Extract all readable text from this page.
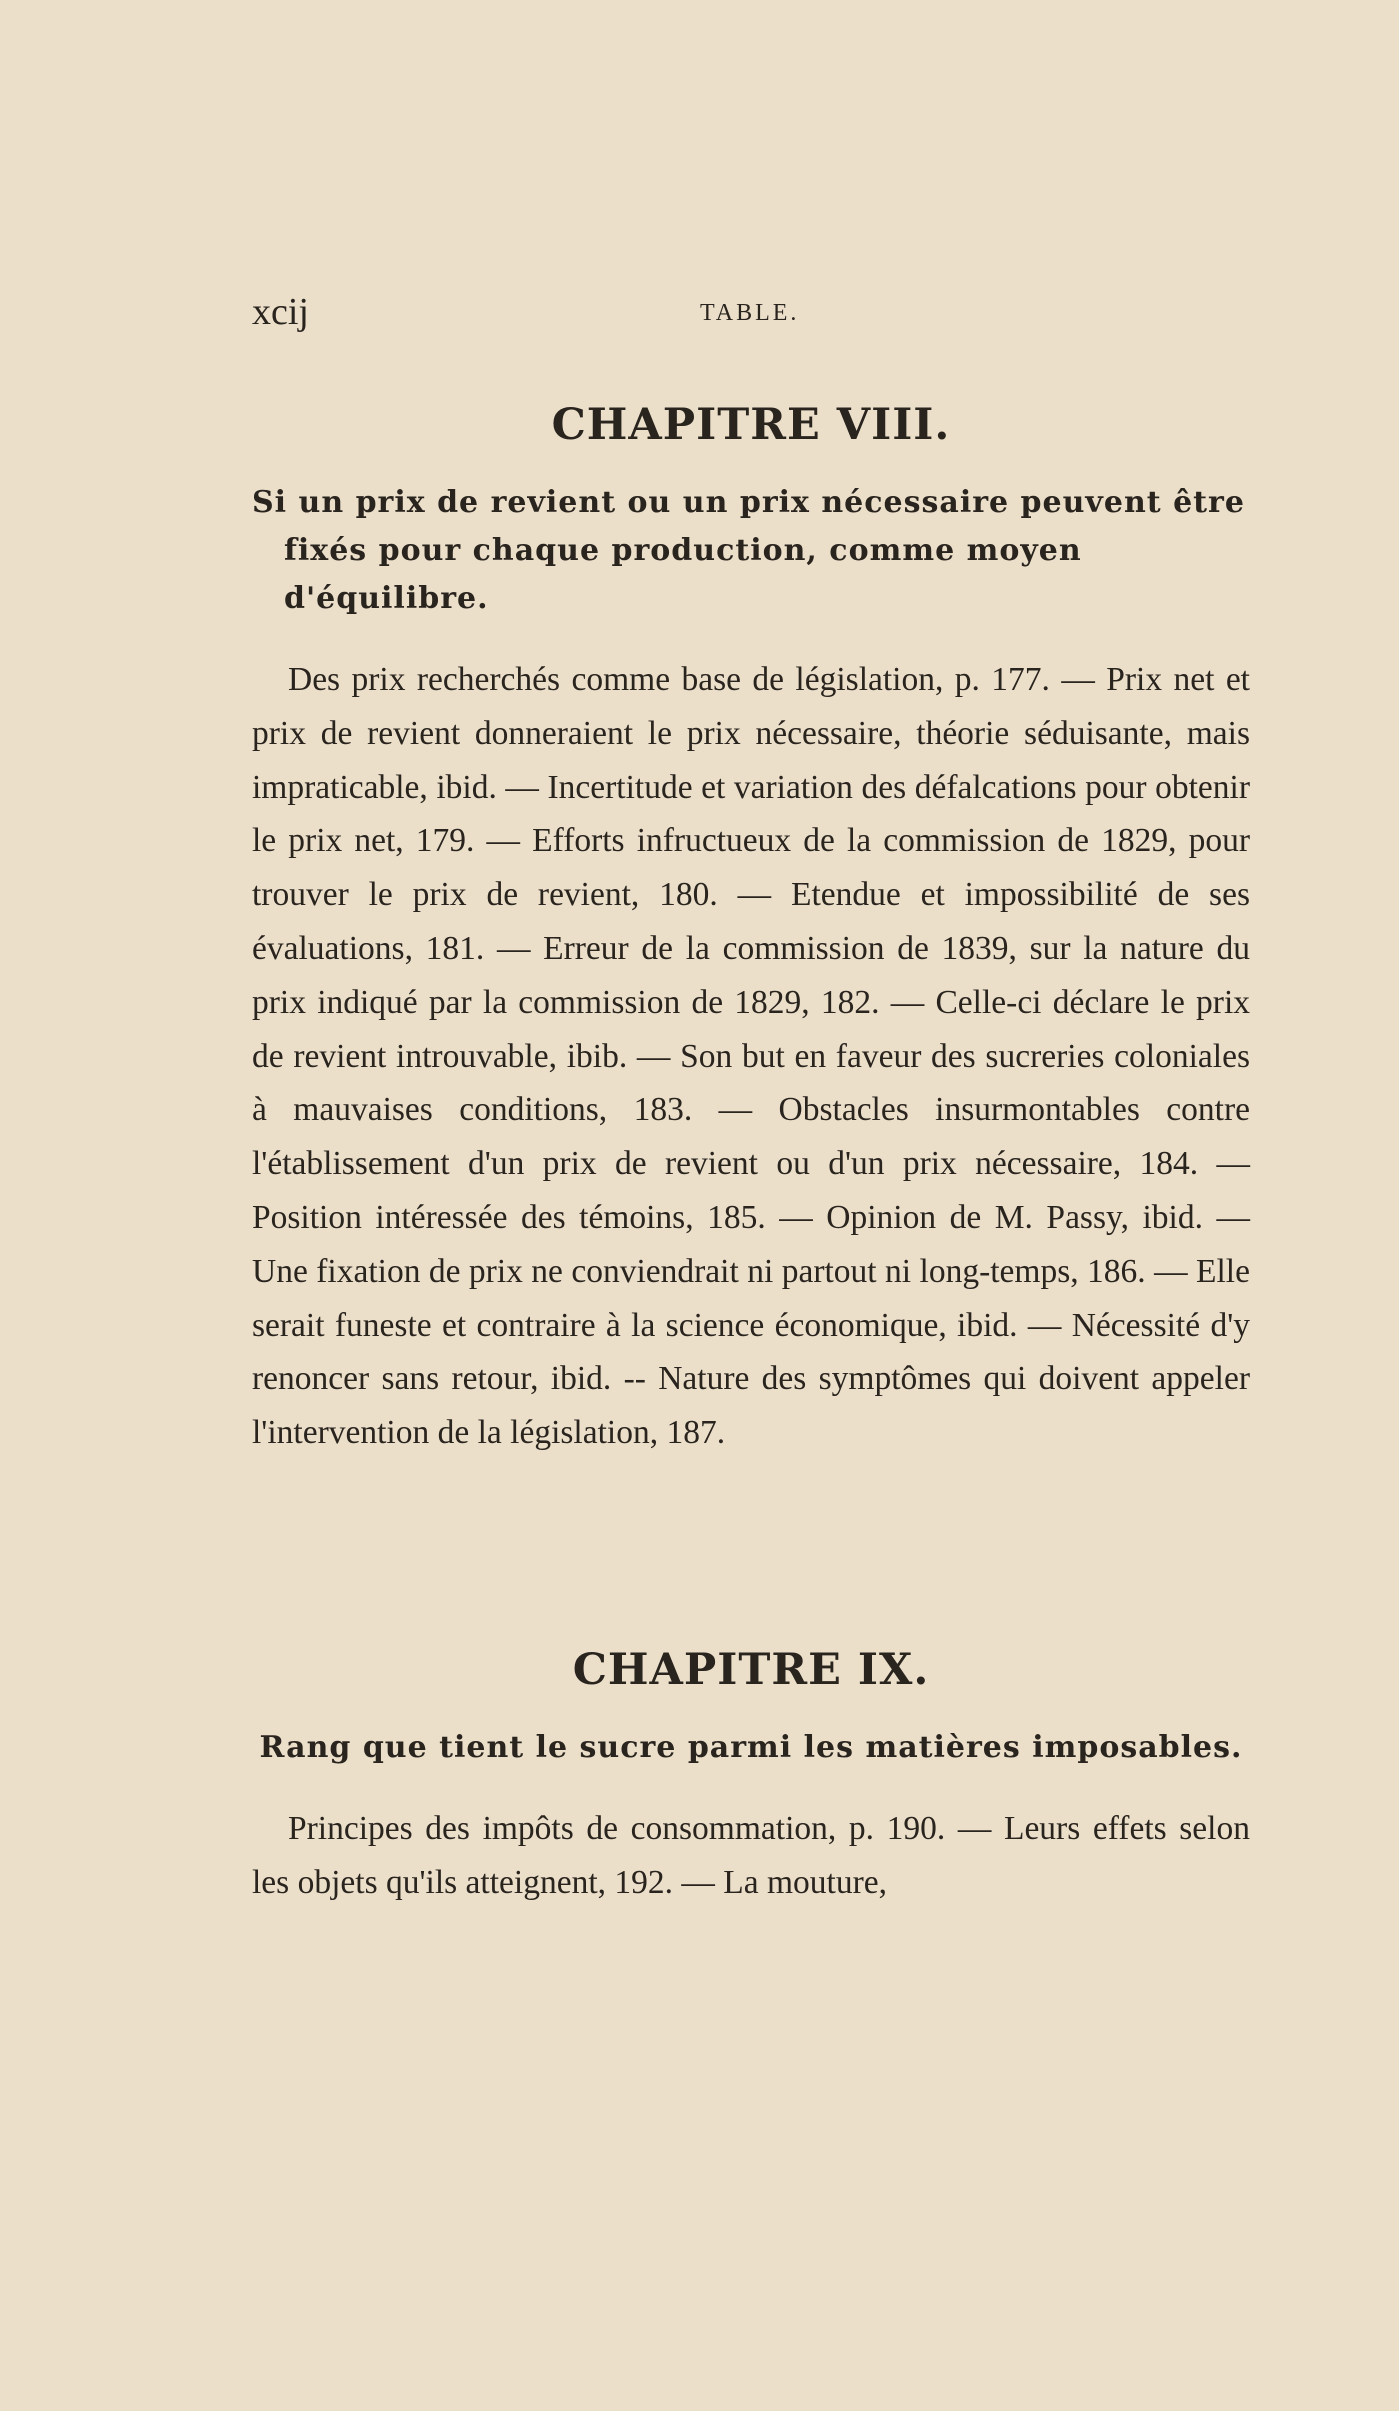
xcij	TABLE.
CHAPITRE VIII.

Si un prix de revient ou un prix nécessaire peuvent être fixés pour chaque production, comme moyen d'équilibre.

Des prix recherchés comme base de législation, p. 177. — Prix net et prix de revient donneraient le prix nécessaire, théorie séduisante, mais impraticable, ibid. — Incertitude et variation des défalcations pour obtenir le prix net, 179. — Efforts infructueux de la commission de 1829, pour trouver le prix de revient, 180. — Etendue et impossibilité de ses évaluations, 181. — Erreur de la commission de 1839, sur la nature du prix indiqué par la commission de 1829, 182. — Celle-ci déclare le prix de revient introuvable, ibib. — Son but en faveur des sucreries coloniales à mauvaises conditions, 183. — Obstacles insurmontables contre l'établissement d'un prix de revient ou d'un prix nécessaire, 184. — Position intéressée des témoins, 185. — Opinion de M. Passy, ibid. — Une fixation de prix ne conviendrait ni partout ni long-temps, 186. — Elle serait funeste et contraire à la science économique, ibid. — Nécessité d'y renoncer sans retour, ibid. -- Nature des symptômes qui doivent appeler l'intervention de la législation, 187.

CHAPITRE IX.

Rang que tient le sucre parmi les matières imposables.

Principes des impôts de consommation, p. 190. — Leurs effets selon les objets qu'ils atteignent, 192. — La mouture,
